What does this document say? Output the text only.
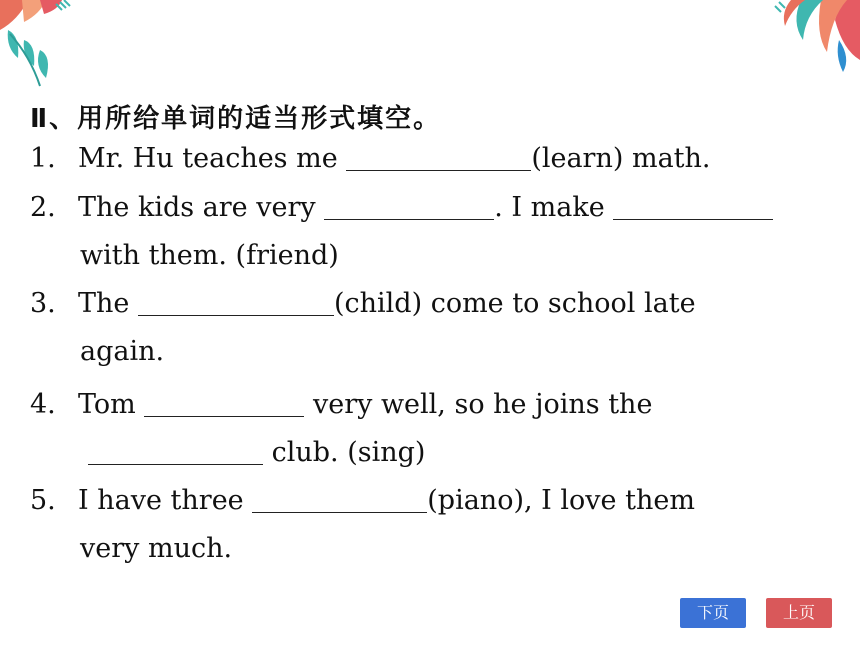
Ⅱ、用所给单词的适当形式填空。
1. Mr. Hu teaches me	(learn) math.
2. The kids are very	. I make
with them. (friend)
3. The	(child) come to school late
again.
4. Tom	very well, so he joins the
club. (sing)
5. I have three	(piano), I love them
very much.
下页	上页
